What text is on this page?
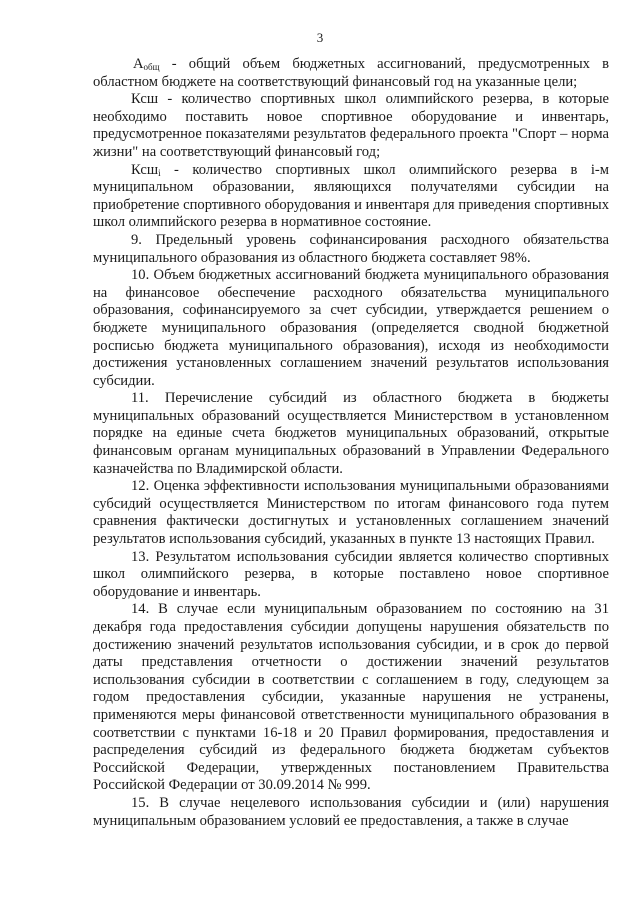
3

$А_{общ}$ - общий объем бюджетных ассигнований, предусмотренных в областном бюджете на соответствующий финансовый год на указанные цели;

Ксш - количество спортивных школ олимпийского резерва, в которые необходимо поставить новое спортивное оборудование и инвентарь, предусмотренное показателями результатов федерального проекта "Спорт – норма жизни" на соответствующий финансовый год;

Ксш$_i$ - количество спортивных школ олимпийского резерва в i-м муниципальном образовании, являющихся получателями субсидии на приобретение спортивного оборудования и инвентаря для приведения спортивных школ олимпийского резерва в нормативное состояние.

9. Предельный уровень софинансирования расходного обязательства муниципального образования из областного бюджета составляет 98%.

10. Объем бюджетных ассигнований бюджета муниципального образования на финансовое обеспечение расходного обязательства муниципального образования, софинансируемого за счет субсидии, утверждается решением о бюджете муниципального образования (определяется сводной бюджетной росписью бюджета муниципального образования), исходя из необходимости достижения установленных соглашением значений результатов использования субсидии.

11. Перечисление субсидий из областного бюджета в бюджеты муниципальных образований осуществляется Министерством в установленном порядке на единые счета бюджетов муниципальных образований, открытые финансовым органам муниципальных образований в Управлении Федерального казначейства по Владимирской области.

12. Оценка эффективности использования муниципальными образованиями субсидий осуществляется Министерством по итогам финансового года путем сравнения фактически достигнутых и установленных соглашением значений результатов использования субсидий, указанных в пункте 13 настоящих Правил.

13. Результатом использования субсидии является количество спортивных школ олимпийского резерва, в которые поставлено новое спортивное оборудование и инвентарь.

14. В случае если муниципальным образованием по состоянию на 31 декабря года предоставления субсидии допущены нарушения обязательств по достижению значений результатов использования субсидии, и в срок до первой даты представления отчетности о достижении значений результатов использования субсидии в соответствии с соглашением в году, следующем за годом предоставления субсидии, указанные нарушения не устранены, применяются меры финансовой ответственности муниципального образования в соответствии с пунктами 16-18 и 20 Правил формирования, предоставления и распределения субсидий из федерального бюджета бюджетам субъектов Российской Федерации, утвержденных постановлением Правительства Российской Федерации от 30.09.2014 № 999.

15. В случае нецелевого использования субсидии и (или) нарушения муниципальным образованием условий ее предоставления, а также в случае
